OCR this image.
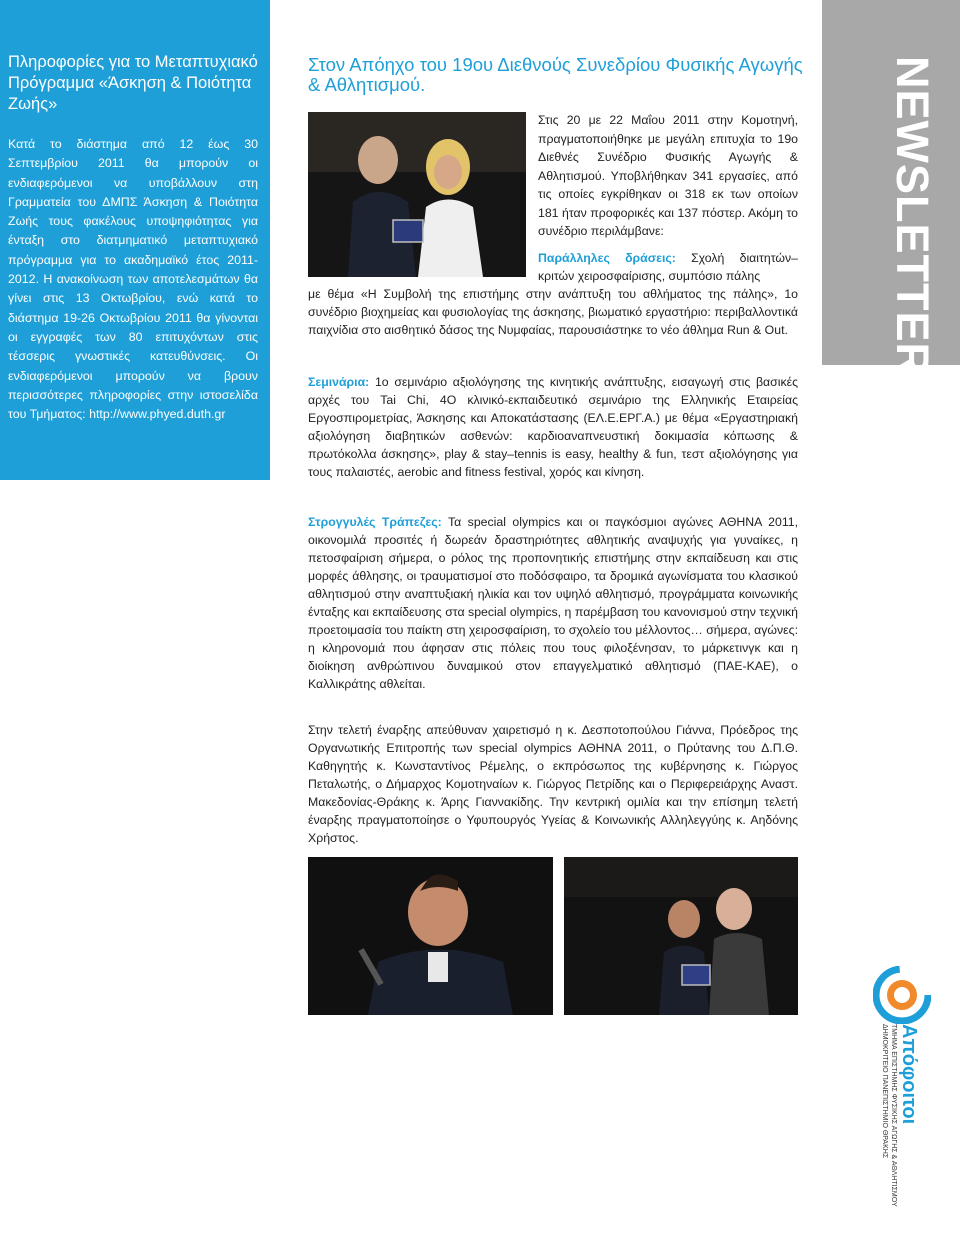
Πληροφορίες για το Μεταπτυχιακό Πρόγραμμα «Άσκηση & Ποιότητα Ζωής»

Κατά το διάστημα από 12 έως 30 Σεπτεμβρίου 2011 θα μπορούν οι ενδιαφερόμενοι να υποβάλλουν στη Γραμματεία του ΔΜΠΣ Άσκηση & Ποιότητα Ζωής τους φακέλους υποψηφιότητας για ένταξη στο διατμηματικό μεταπτυχιακό πρόγραμμα για το ακαδημαϊκό έτος 2011-2012. Η ανακοίνωση των αποτελεσμάτων θα γίνει στις 13 Οκτωβρίου, ενώ κατά το διάστημα 19-26 Οκτωβρίου 2011 θα γίνονται οι εγγραφές των 80 επιτυχόντων στις τέσσερις γνωστικές κατευθύνσεις. Οι ενδιαφερόμενοι μπορούν να βρουν περισσότερες πληροφορίες στην ιστοσελίδα του Τμήματος: http://www.phyed.duth.gr

NEWSLETTER
Απόφοιτοι
ΤΜΗΜΑ ΕΠΙΣΤΗΜΗΣ ΦΥΣΙΚΗΣ ΑΓΩΓΗΣ & ΑΘΛΗΤΙΣΜΟΥ
ΔΗΜΟΚΡΙΤΕΙΟ ΠΑΝΕΠΙΣΤΗΜΙΟ ΘΡΑΚΗΣ
Στον Απόηχο του 19ου Διεθνούς Συνεδρίου Φυσικής Αγωγής & Αθλητισμού.

Στις 20 με 22 Μαΐου 2011 στην Κομοτηνή, πραγματοποιήθηκε με μεγάλη επιτυχία το 19ο Διεθνές Συνέδριο Φυσικής Αγωγής & Αθλητισμού. Υποβλήθηκαν 341 εργασίες, από τις οποίες εγκρίθηκαν οι 318 εκ των οποίων 181 ήταν προφορικές και 137 πόστερ. Ακόμη το συνέδριο περιλάμβανε:

Παράλληλες δράσεις: Σχολή διαιτητών–κριτών χειροσφαίρισης, συμπόσιο πάλης

με θέμα «Η Συμβολή της επιστήμης στην ανάπτυξη του αθλήματος της πάλης», 1ο συνέδριο βιοχημείας και φυσιολογίας της άσκησης, βιωματικό εργαστήριο: περιβαλλοντικά παιχνίδια στο αισθητικό δάσος της Νυμφαίας, παρουσιάστηκε το νέο άθλημα Run & Out.

Σεμινάρια: 1ο σεμινάριο αξιολόγησης της κινητικής ανάπτυξης, εισαγωγή στις βασικές αρχές του Tai Chi, 4Ο κλινικό-εκπαιδευτικό σεμινάριο της Ελληνικής Εταιρείας Εργοσπιρομετρίας, Άσκησης και Αποκατάστασης (ΕΛ.Ε.ΕΡΓ.Α.) με θέμα «Εργαστηριακή αξιολόγηση διαβητικών ασθενών: καρδιοαναπνευστική δοκιμασία κόπωσης & πρωτόκολλα άσκησης», play & stay–tennis is easy, healthy & fun, τεστ αξιολόγησης για τους παλαιστές, aerobic and fitness festival, χορός και κίνηση.

Στρογγυλές Τράπεζες: Τα special olympics και οι παγκόσμιοι αγώνες ΑΘΗΝΑ 2011, οικονομιλά προσιτές ή δωρεάν δραστηριότητες αθλητικής αναψυχής για γυναίκες, η πετοσφαίριση σήμερα, ο ρόλος της προπονητικής επιστήμης στην εκπαίδευση και στις μορφές άθλησης, οι τραυματισμοί στο ποδόσφαιρο, τα δρομικά αγωνίσματα του κλασικού αθλητισμού στην αναπτυξιακή ηλικία και τον υψηλό αθλητισμό, προγράμματα κοινωνικής ένταξης και εκπαίδευσης στα special olympics, η παρέμβαση του κανονισμού στην τεχνική προετοιμασία του παίκτη στη χειροσφαίριση, το σχολείο του μέλλοντος… σήμερα, αγώνες: η κληρονομιά που άφησαν στις πόλεις που τους φιλοξένησαν, το μάρκετινγκ και η διοίκηση ανθρώπινου δυναμικού στον επαγγελματικό αθλητισμό (ΠΑΕ-ΚΑΕ), ο Καλλικράτης αθλείται.

Στην τελετή έναρξης απεύθυναν χαιρετισμό η κ. Δεσποτοπούλου Γιάννα, Πρόεδρος της Οργανωτικής Επιτροπής των special olympics ΑΘΗΝΑ 2011, ο Πρύτανης του Δ.Π.Θ. Καθηγητής κ. Κωνσταντίνος Ρέμελης, ο εκπρόσωπος της κυβέρνησης κ. Γιώργος Πεταλωτής, ο Δήμαρχος Κομοτηναίων κ. Γιώργος Πετρίδης και ο Περιφερειάρχης Αναστ. Μακεδονίας-Θράκης κ. Άρης Γιαννακίδης. Την κεντρική ομιλία και την επίσημη τελετή έναρξης πραγματοποίησε ο Υφυπουργός Υγείας & Κοινωνικής Αλληλεγγύης κ. Αηδόνης Χρήστος.
